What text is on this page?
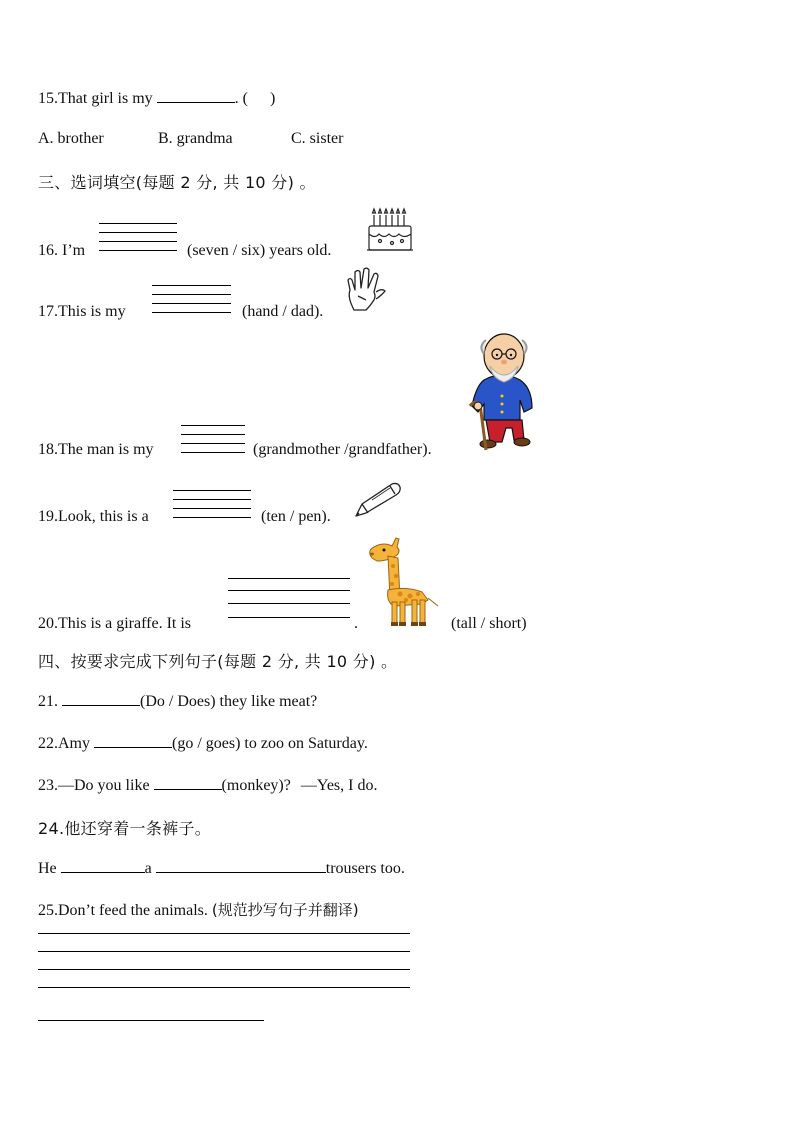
15.That girl is my	. ( )
A. brother	B. grandma	C. sister
三、选词填空(每题 2 分, 共 10 分) 。
16. I’m	(seven / six) years old.
17.This is my	(hand / dad).
18.The man is my	(grandmother /grandfather).
19.Look, this is a	(ten / pen).
20.This is a giraffe. It is	.	(tall / short)
四、按要求完成下列句子(每题 2 分, 共 10 分) 。
21.	(Do / Does) they like meat?
22.Amy	(go / goes) to zoo on Saturday.
23.—Do you like	(monkey)? —Yes, I do.
24.他还穿着一条裤子。
He	a	trousers too.
25.Don’t feed the animals. (规范抄写句子并翻译)
